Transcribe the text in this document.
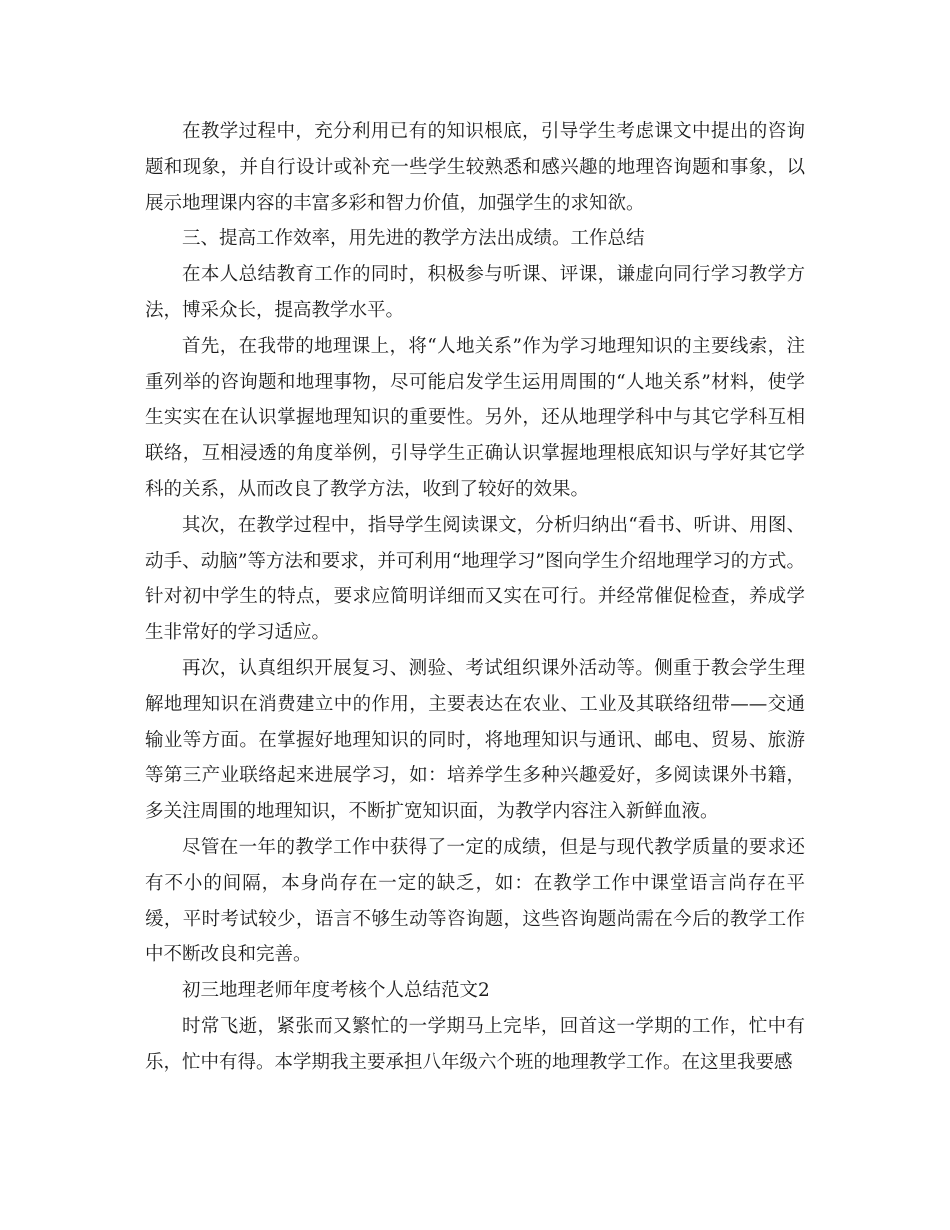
在教学过程中，充分利用已有的知识根底，引导学生考虑课文中提出的咨询题和现象，并自行设计或补充一些学生较熟悉和感兴趣的地理咨询题和事象，以展示地理课内容的丰富多彩和智力价值，加强学生的求知欲。

三、提高工作效率，用先进的教学方法出成绩。工作总结

在本人总结教育工作的同时，积极参与听课、评课，谦虚向同行学习教学方法，博采众长，提高教学水平。

首先，在我带的地理课上，将“人地关系”作为学习地理知识的主要线索，注重列举的咨询题和地理事物，尽可能启发学生运用周围的“人地关系”材料，使学生实实在在认识掌握地理知识的重要性。另外，还从地理学科中与其它学科互相联络，互相浸透的角度举例，引导学生正确认识掌握地理根底知识与学好其它学科的关系，从而改良了教学方法，收到了较好的效果。

其次，在教学过程中，指导学生阅读课文，分析归纳出“看书、听讲、用图、动手、动脑”等方法和要求，并可利用“地理学习”图向学生介绍地理学习的方式。针对初中学生的特点，要求应简明详细而又实在可行。并经常催促检查，养成学生非常好的学习适应。

再次，认真组织开展复习、测验、考试组织课外活动等。侧重于教会学生理解地理知识在消费建立中的作用，主要表达在农业、工业及其联络纽带——交通输业等方面。在掌握好地理知识的同时，将地理知识与通讯、邮电、贸易、旅游等第三产业联络起来进展学习，如：培养学生多种兴趣爱好，多阅读课外书籍，多关注周围的地理知识，不断扩宽知识面，为教学内容注入新鲜血液。

尽管在一年的教学工作中获得了一定的成绩，但是与现代教学质量的要求还有不小的间隔，本身尚存在一定的缺乏，如：在教学工作中课堂语言尚存在平缓，平时考试较少，语言不够生动等咨询题，这些咨询题尚需在今后的教学工作中不断改良和完善。

初三地理老师年度考核个人总结范文2

时常飞逝，紧张而又繁忙的一学期马上完毕，回首这一学期的工作，忙中有乐，忙中有得。本学期我主要承担八年级六个班的地理教学工作。在这里我要感
